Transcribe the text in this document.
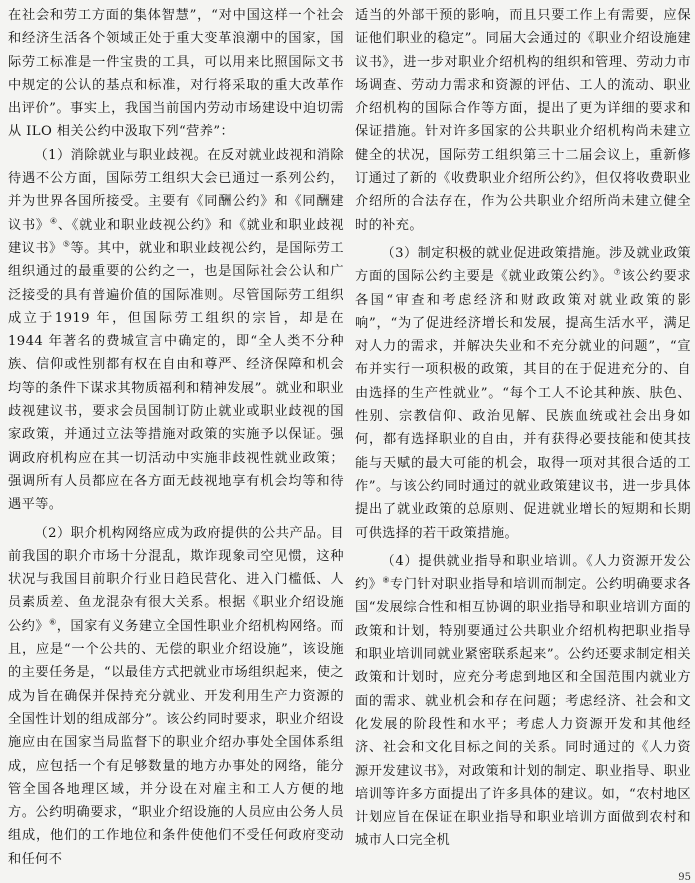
在社会和劳工方面的集体智慧”，“对中国这样一个社会和经济生活各个领域正处于重大变革浪潮中的国家，国际劳工标准是一件宝贵的工具，可以用来比照国际文书中规定的公认的基点和标准，对行将采取的重大改革作出评价”。事实上，我国当前国内劳动市场建设中迫切需从 ILO 相关公约中汲取下列“营养”：

（1）消除就业与职业歧视。在反对就业歧视和消除待遇不公方面，国际劳工组织大会已通过一系列公约，并为世界各国所接受。主要有《同酬公约》和《同酬建议书》④、《就业和职业歧视公约》和《就业和职业歧视建议书》⑤等。其中，就业和职业歧视公约，是国际劳工组织通过的最重要的公约之一，也是国际社会公认和广泛接受的具有普遍价值的国际准则。尽管国际劳工组织成立于1919 年，但国际劳工组织的宗旨，却是在 1944 年著名的费城宣言中确定的，即“全人类不分种族、信仰或性别都有权在自由和尊严、经济保障和机会均等的条件下谋求其物质福利和精神发展”。就业和职业歧视建议书，要求会员国制订防止就业或职业歧视的国家政策，并通过立法等措施对政策的实施予以保证。强调政府机构应在其一切活动中实施非歧视性就业政策；强调所有人员都应在各方面无歧视地享有机会均等和待遇平等。

（2）职介机构网络应成为政府提供的公共产品。目前我国的职介市场十分混乱，欺诈现象司空见惯，这种状况与我国目前职介行业日趋民营化、进入门槛低、人员素质差、鱼龙混杂有很大关系。根据《职业介绍设施公约》⑥，国家有义务建立全国性职业介绍机构网络。而且，应是“一个公共的、无偿的职业介绍设施”，该设施的主要任务是，“以最佳方式把就业市场组织起来，使之成为旨在确保并保持充分就业、开发利用生产力资源的全国性计划的组成部分”。该公约同时要求，职业介绍设施应由在国家当局监督下的职业介绍办事处全国体系组成，应包括一个有足够数量的地方办事处的网络，能分管全国各地理区域，并分设在对雇主和工人方便的地方。公约明确要求，“职业介绍设施的人员应由公务人员组成，他们的工作地位和条件使他们不受任何政府变动和任何不

适当的外部干预的影响，而且只要工作上有需要，应保证他们职业的稳定”。同届大会通过的《职业介绍设施建议书》，进一步对职业介绍机构的组织和管理、劳动力市场调查、劳动力需求和资源的评估、工人的流动、职业介绍机构的国际合作等方面，提出了更为详细的要求和保证措施。针对许多国家的公共职业介绍机构尚未建立健全的状况，国际劳工组织第三十二届会议上，重新修订通过了新的《收费职业介绍所公约》，但仅将收费职业介绍所的合法存在，作为公共职业介绍所尚未建立健全时的补充。

（3）制定积极的就业促进政策措施。涉及就业政策方面的国际公约主要是《就业政策公约》。⑦该公约要求各国“审查和考虑经济和财政政策对就业政策的影响”，“为了促进经济增长和发展，提高生活水平，满足对人力的需求，并解决失业和不充分就业的问题”，“宣布并实行一项积极的政策，其目的在于促进充分的、自由选择的生产性就业”。“每个工人不论其种族、肤色、性别、宗教信仰、政治见解、民族血统或社会出身如何，都有选择职业的自由，并有获得必要技能和使其技能与天赋的最大可能的机会，取得一项对其很合适的工作”。与该公约同时通过的就业政策建议书，进一步具体提出了就业政策的总原则、促进就业增长的短期和长期可供选择的若干政策措施。

（4）提供就业指导和职业培训。《人力资源开发公约》⑧专门针对职业指导和培训而制定。公约明确要求各国“发展综合性和相互协调的职业指导和职业培训方面的政策和计划，特别要通过公共职业介绍机构把职业指导和职业培训同就业紧密联系起来”。公约还要求制定相关政策和计划时，应充分考虑到地区和全国范围内就业方面的需求、就业机会和存在问题；考虑经济、社会和文化发展的阶段性和水平；考虑人力资源开发和其他经济、社会和文化目标之间的关系。同时通过的《人力资源开发建议书》，对政策和计划的制定、职业指导、职业培训等许多方面提出了许多具体的建议。如，“农村地区计划应旨在保证在职业指导和职业培训方面做到农村和城市人口完全机

95
